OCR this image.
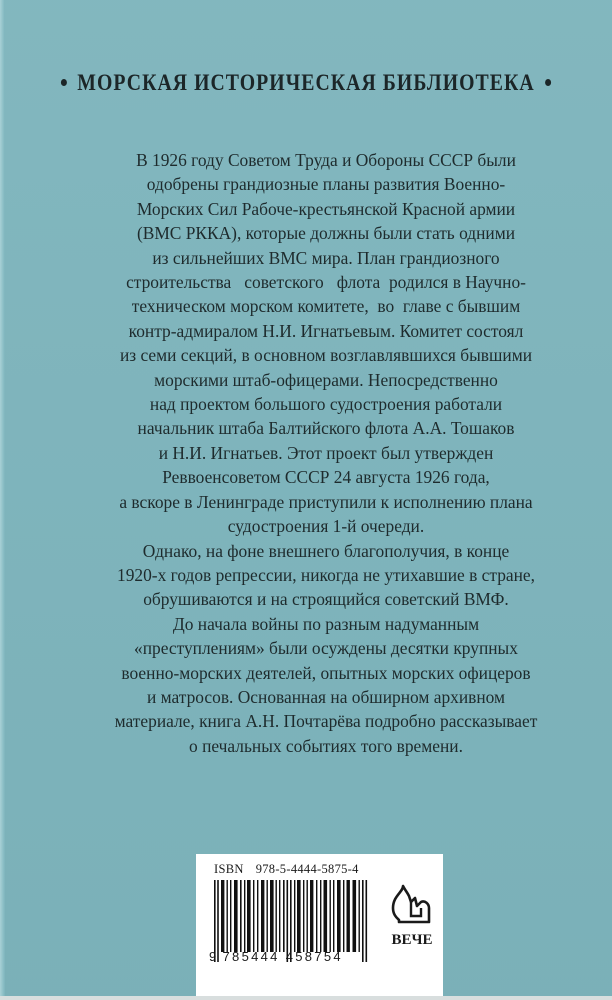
МОРСКАЯ ИСТОРИЧЕСКАЯ БИБЛИОТЕКА
В 1926 году Советом Труда и Обороны СССР были
одобрены грандиозные планы развития Военно-
Морских Сил Рабоче-крестьянской Красной армии
(ВМС РККА), которые должны были стать одними
из сильнейших ВМС мира. План грандиозного
строительства   советского   флота  родился в Научно-
техническом морском комитете,  во  главе с бывшим
контр-адмиралом Н.И. Игнатьевым. Комитет состоял
из семи секций, в основном возглавлявшихся бывшими
морскими штаб-офицерами. Непосредственно
над проектом большого судостроения работали
начальник штаба Балтийского флота А.А. Тошаков
и Н.И. Игнатьев. Этот проект был утвержден
Реввоенсоветом СССР 24 августа 1926 года,
а вскоре в Ленинграде приступили к исполнению плана
судостроения 1-й очереди.
Однако, на фоне внешнего благополучия, в конце
1920-х годов репрессии, никогда не утихавшие в стране,
обрушиваются и на строящийся советский ВМФ.
До начала войны по разным надуманным
«преступлениям» были осуждены десятки крупных
военно-морских деятелей, опытных морских офицеров
и матросов. Основанная на обширном архивном
материале, книга А.Н. Почтарёва подробно рассказывает
о печальных событиях того времени.
ISBN 978-5-4444-5875-4
9 785444 458754
ВЕЧЕ
